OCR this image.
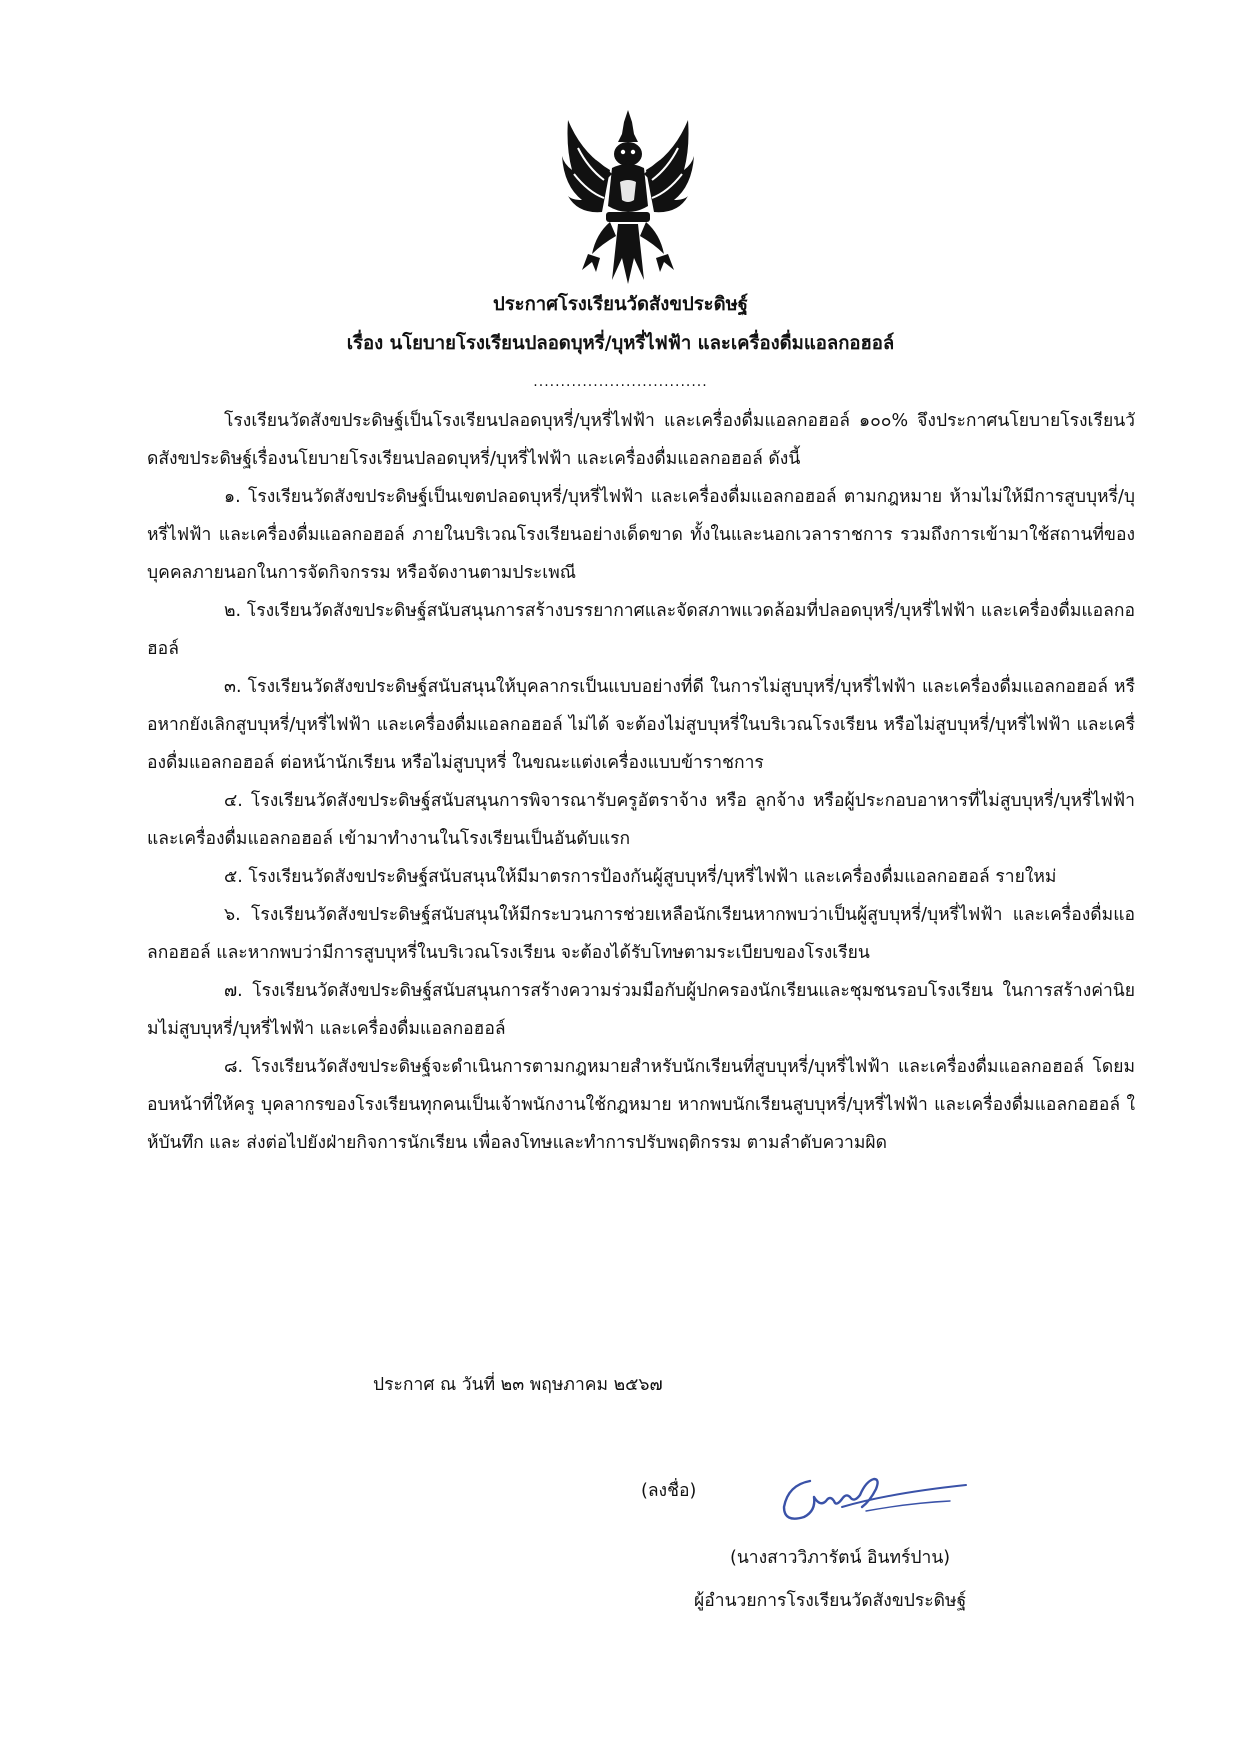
ประกาศโรงเรียนวัดสังขประดิษฐ์
เรื่อง นโยบายโรงเรียนปลอดบุหรี่/บุหรี่ไฟฟ้า และเครื่องดื่มแอลกอฮอล์
................................

โรงเรียนวัดสังขประดิษฐ์เป็นโรงเรียนปลอดบุหรี่/บุหรี่ไฟฟ้า และเครื่องดื่มแอลกอฮอล์ ๑๐๐% จึงประกาศนโยบายโรงเรียนวัดสังขประดิษฐ์เรื่องนโยบายโรงเรียนปลอดบุหรี่/บุหรี่ไฟฟ้า และเครื่องดื่มแอลกอฮอล์ ดังนี้

๑. โรงเรียนวัดสังขประดิษฐ์เป็นเขตปลอดบุหรี่/บุหรี่ไฟฟ้า และเครื่องดื่มแอลกอฮอล์ ตามกฎหมาย ห้ามไม่ให้มีการสูบบุหรี่/บุหรี่ไฟฟ้า และเครื่องดื่มแอลกอฮอล์ ภายในบริเวณโรงเรียนอย่างเด็ดขาด ทั้งในและนอกเวลาราชการ รวมถึงการเข้ามาใช้สถานที่ของบุคคลภายนอกในการจัดกิจกรรม หรือจัดงานตามประเพณี

๒. โรงเรียนวัดสังขประดิษฐ์สนับสนุนการสร้างบรรยากาศและจัดสภาพแวดล้อมที่ปลอดบุหรี่/บุหรี่ไฟฟ้า และเครื่องดื่มแอลกอฮอล์

๓. โรงเรียนวัดสังขประดิษฐ์สนับสนุนให้บุคลากรเป็นแบบอย่างที่ดี ในการไม่สูบบุหรี่/บุหรี่ไฟฟ้า และเครื่องดื่มแอลกอฮอล์ หรือหากยังเลิกสูบบุหรี่/บุหรี่ไฟฟ้า และเครื่องดื่มแอลกอฮอล์ ไม่ได้ จะต้องไม่สูบบุหรี่ในบริเวณโรงเรียน หรือไม่สูบบุหรี่/บุหรี่ไฟฟ้า และเครื่องดื่มแอลกอฮอล์ ต่อหน้านักเรียน หรือไม่สูบบุหรี่ ในขณะแต่งเครื่องแบบข้าราชการ

๔. โรงเรียนวัดสังขประดิษฐ์สนับสนุนการพิจารณารับครูอัตราจ้าง หรือ ลูกจ้าง หรือผู้ประกอบอาหารที่ไม่สูบบุหรี่/บุหรี่ไฟฟ้า และเครื่องดื่มแอลกอฮอล์ เข้ามาทำงานในโรงเรียนเป็นอันดับแรก

๕. โรงเรียนวัดสังขประดิษฐ์สนับสนุนให้มีมาตรการป้องกันผู้สูบบุหรี่/บุหรี่ไฟฟ้า และเครื่องดื่มแอลกอฮอล์ รายใหม่

๖. โรงเรียนวัดสังขประดิษฐ์สนับสนุนให้มีกระบวนการช่วยเหลือนักเรียนหากพบว่าเป็นผู้สูบบุหรี่/บุหรี่ไฟฟ้า และเครื่องดื่มแอลกอฮอล์ และหากพบว่ามีการสูบบุหรี่ในบริเวณโรงเรียน จะต้องได้รับโทษตามระเบียบของโรงเรียน

๗. โรงเรียนวัดสังขประดิษฐ์สนับสนุนการสร้างความร่วมมือกับผู้ปกครองนักเรียนและชุมชนรอบโรงเรียน ในการสร้างค่านิยมไม่สูบบุหรี่/บุหรี่ไฟฟ้า และเครื่องดื่มแอลกอฮอล์

๘. โรงเรียนวัดสังขประดิษฐ์จะดำเนินการตามกฎหมายสำหรับนักเรียนที่สูบบุหรี่/บุหรี่ไฟฟ้า และเครื่องดื่มแอลกอฮอล์ โดยมอบหน้าที่ให้ครู บุคลากรของโรงเรียนทุกคนเป็นเจ้าพนักงานใช้กฎหมาย หากพบนักเรียนสูบบุหรี่/บุหรี่ไฟฟ้า และเครื่องดื่มแอลกอฮอล์ ให้บันทึก และ ส่งต่อไปยังฝ่ายกิจการนักเรียน เพื่อลงโทษและทำการปรับพฤติกรรม ตามลำดับความผิด

ประกาศ ณ วันที่ ๒๓ พฤษภาคม ๒๕๖๗
(ลงชื่อ)
(นางสาววิภารัตน์ อินทร์ปาน)
ผู้อำนวยการโรงเรียนวัดสังขประดิษฐ์
